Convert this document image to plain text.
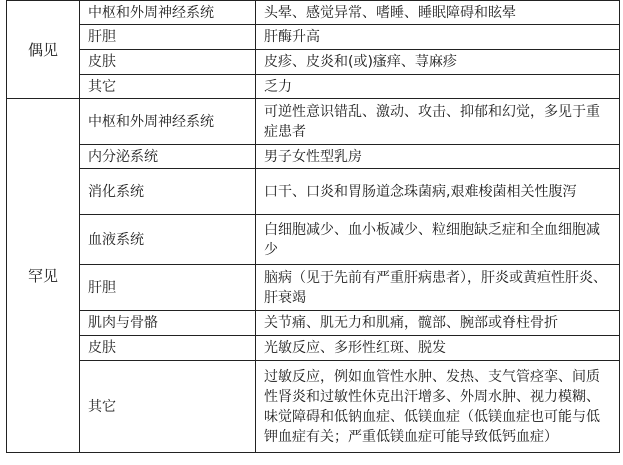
偶见	中枢和外周神经系统	头晕、感觉异常、嗜睡、睡眠障碍和眩晕
	肝胆	肝酶升高
	皮肤	皮疹、皮炎和(或)瘙痒、荨麻疹
	其它	乏力
罕见	中枢和外周神经系统	可逆性意识错乱、激动、攻击、抑郁和幻觉，多见于重症患者
	内分泌系统	男子女性型乳房
	消化系统	口干、口炎和胃肠道念珠菌病,艰难梭菌相关性腹泻
	血液系统	白细胞减少、血小板减少、粒细胞缺乏症和全血细胞减少
	肝胆	脑病（见于先前有严重肝病患者），肝炎或黄疸性肝炎、肝衰竭
	肌肉与骨骼	关节痛、肌无力和肌痛，髋部、腕部或脊柱骨折
	皮肤	光敏反应、多形性红斑、脱发
	其它	过敏反应，例如血管性水肿、发热、支气管痉挛、间质性肾炎和过敏性休克出汗增多、外周水肿、视力模糊、味觉障碍和低钠血症、低镁血症（低镁血症也可能与低钾血症有关；严重低镁血症可能导致低钙血症）
